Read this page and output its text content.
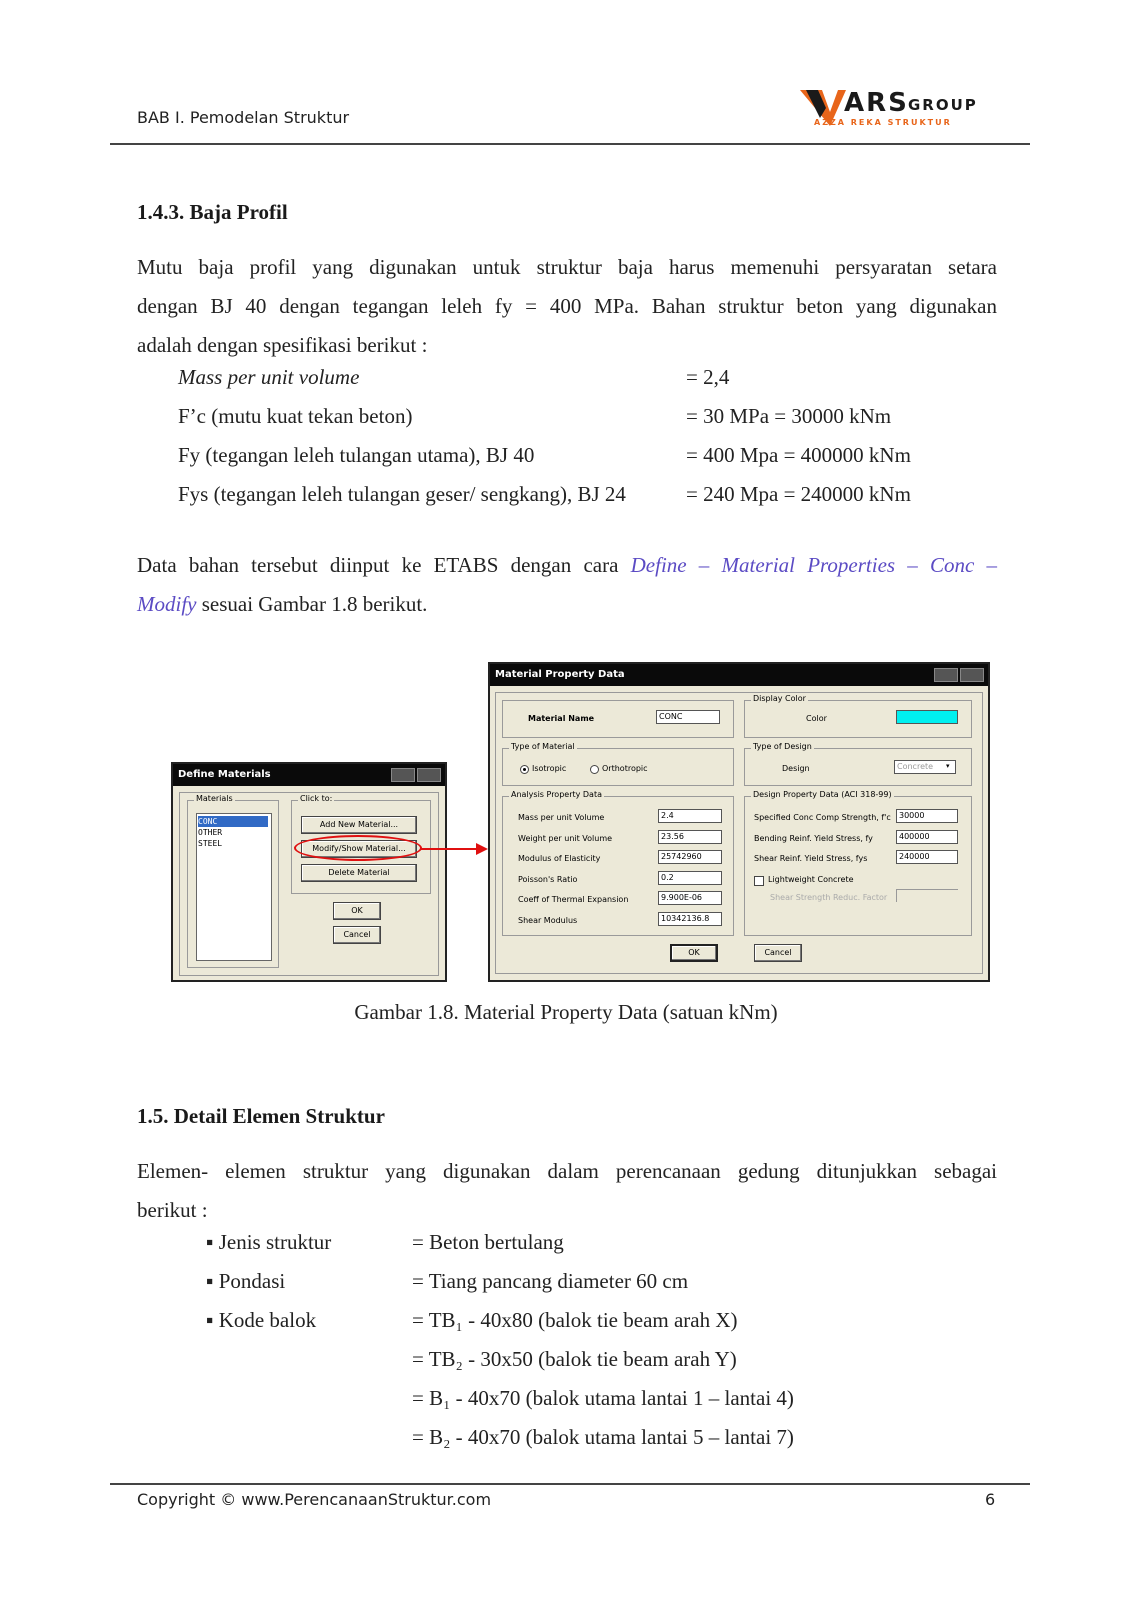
BAB I. Pemodelan Struktur	ARS GROUP
AZZA REKA STRUKTUR
1.4.3. Baja Profil
Mutu baja profil yang digunakan untuk struktur baja harus memenuhi persyaratan setara
dengan BJ 40 dengan tegangan leleh fy = 400 MPa. Bahan struktur beton yang digunakan
adalah dengan spesifikasi berikut :
Mass per unit volume	= 2,4
F’c (mutu kuat tekan beton)	= 30 MPa = 30000 kNm
Fy (tegangan leleh tulangan utama), BJ 40	= 400 Mpa = 400000 kNm
Fys (tegangan leleh tulangan geser/ sengkang), BJ 24	= 240 Mpa = 240000 kNm
Data bahan tersebut diinput ke ETABS dengan cara Define – Material Properties – Conc –
Modify sesuai Gambar 1.8 berikut.
Define Materials
Materials
CONC
OTHER
STEEL
Click to:
Add New Material...
Modify/Show Material...
Delete Material
OK
Cancel
Material Property Data
Material Name	CONC
Display Color
Color
Type of Material
Isotropic	Orthotropic
Type of Design
Design	Concrete	▾
Analysis Property Data
Mass per unit Volume	2.4
Weight per unit Volume	23.56
Modulus of Elasticity	25742960
Poisson's Ratio	0.2
Coeff of Thermal Expansion	9.900E-06
Shear Modulus	10342136.8
Design Property Data (ACI 318-99)
Specified Conc Comp Strength, f'c	30000
Bending Reinf. Yield Stress, fy	400000
Shear Reinf. Yield Stress, fys	240000
Lightweight Concrete
Shear Strength Reduc. Factor
OK	Cancel
Gambar 1.8. Material Property Data (satuan kNm)
1.5. Detail Elemen Struktur
Elemen- elemen struktur yang digunakan dalam perencanaan gedung ditunjukkan sebagai
berikut :
▪ Jenis struktur	= Beton bertulang
▪ Pondasi	= Tiang pancang diameter 60 cm
▪ Kode balok	= TB₁ - 40x80 (balok tie beam arah X)
= TB₂ - 30x50 (balok tie beam arah Y)
= B₁ - 40x70 (balok utama lantai 1 – lantai 4)
= B₂ - 40x70 (balok utama lantai 5 – lantai 7)
Copyright © www.PerencanaanStruktur.com	6
